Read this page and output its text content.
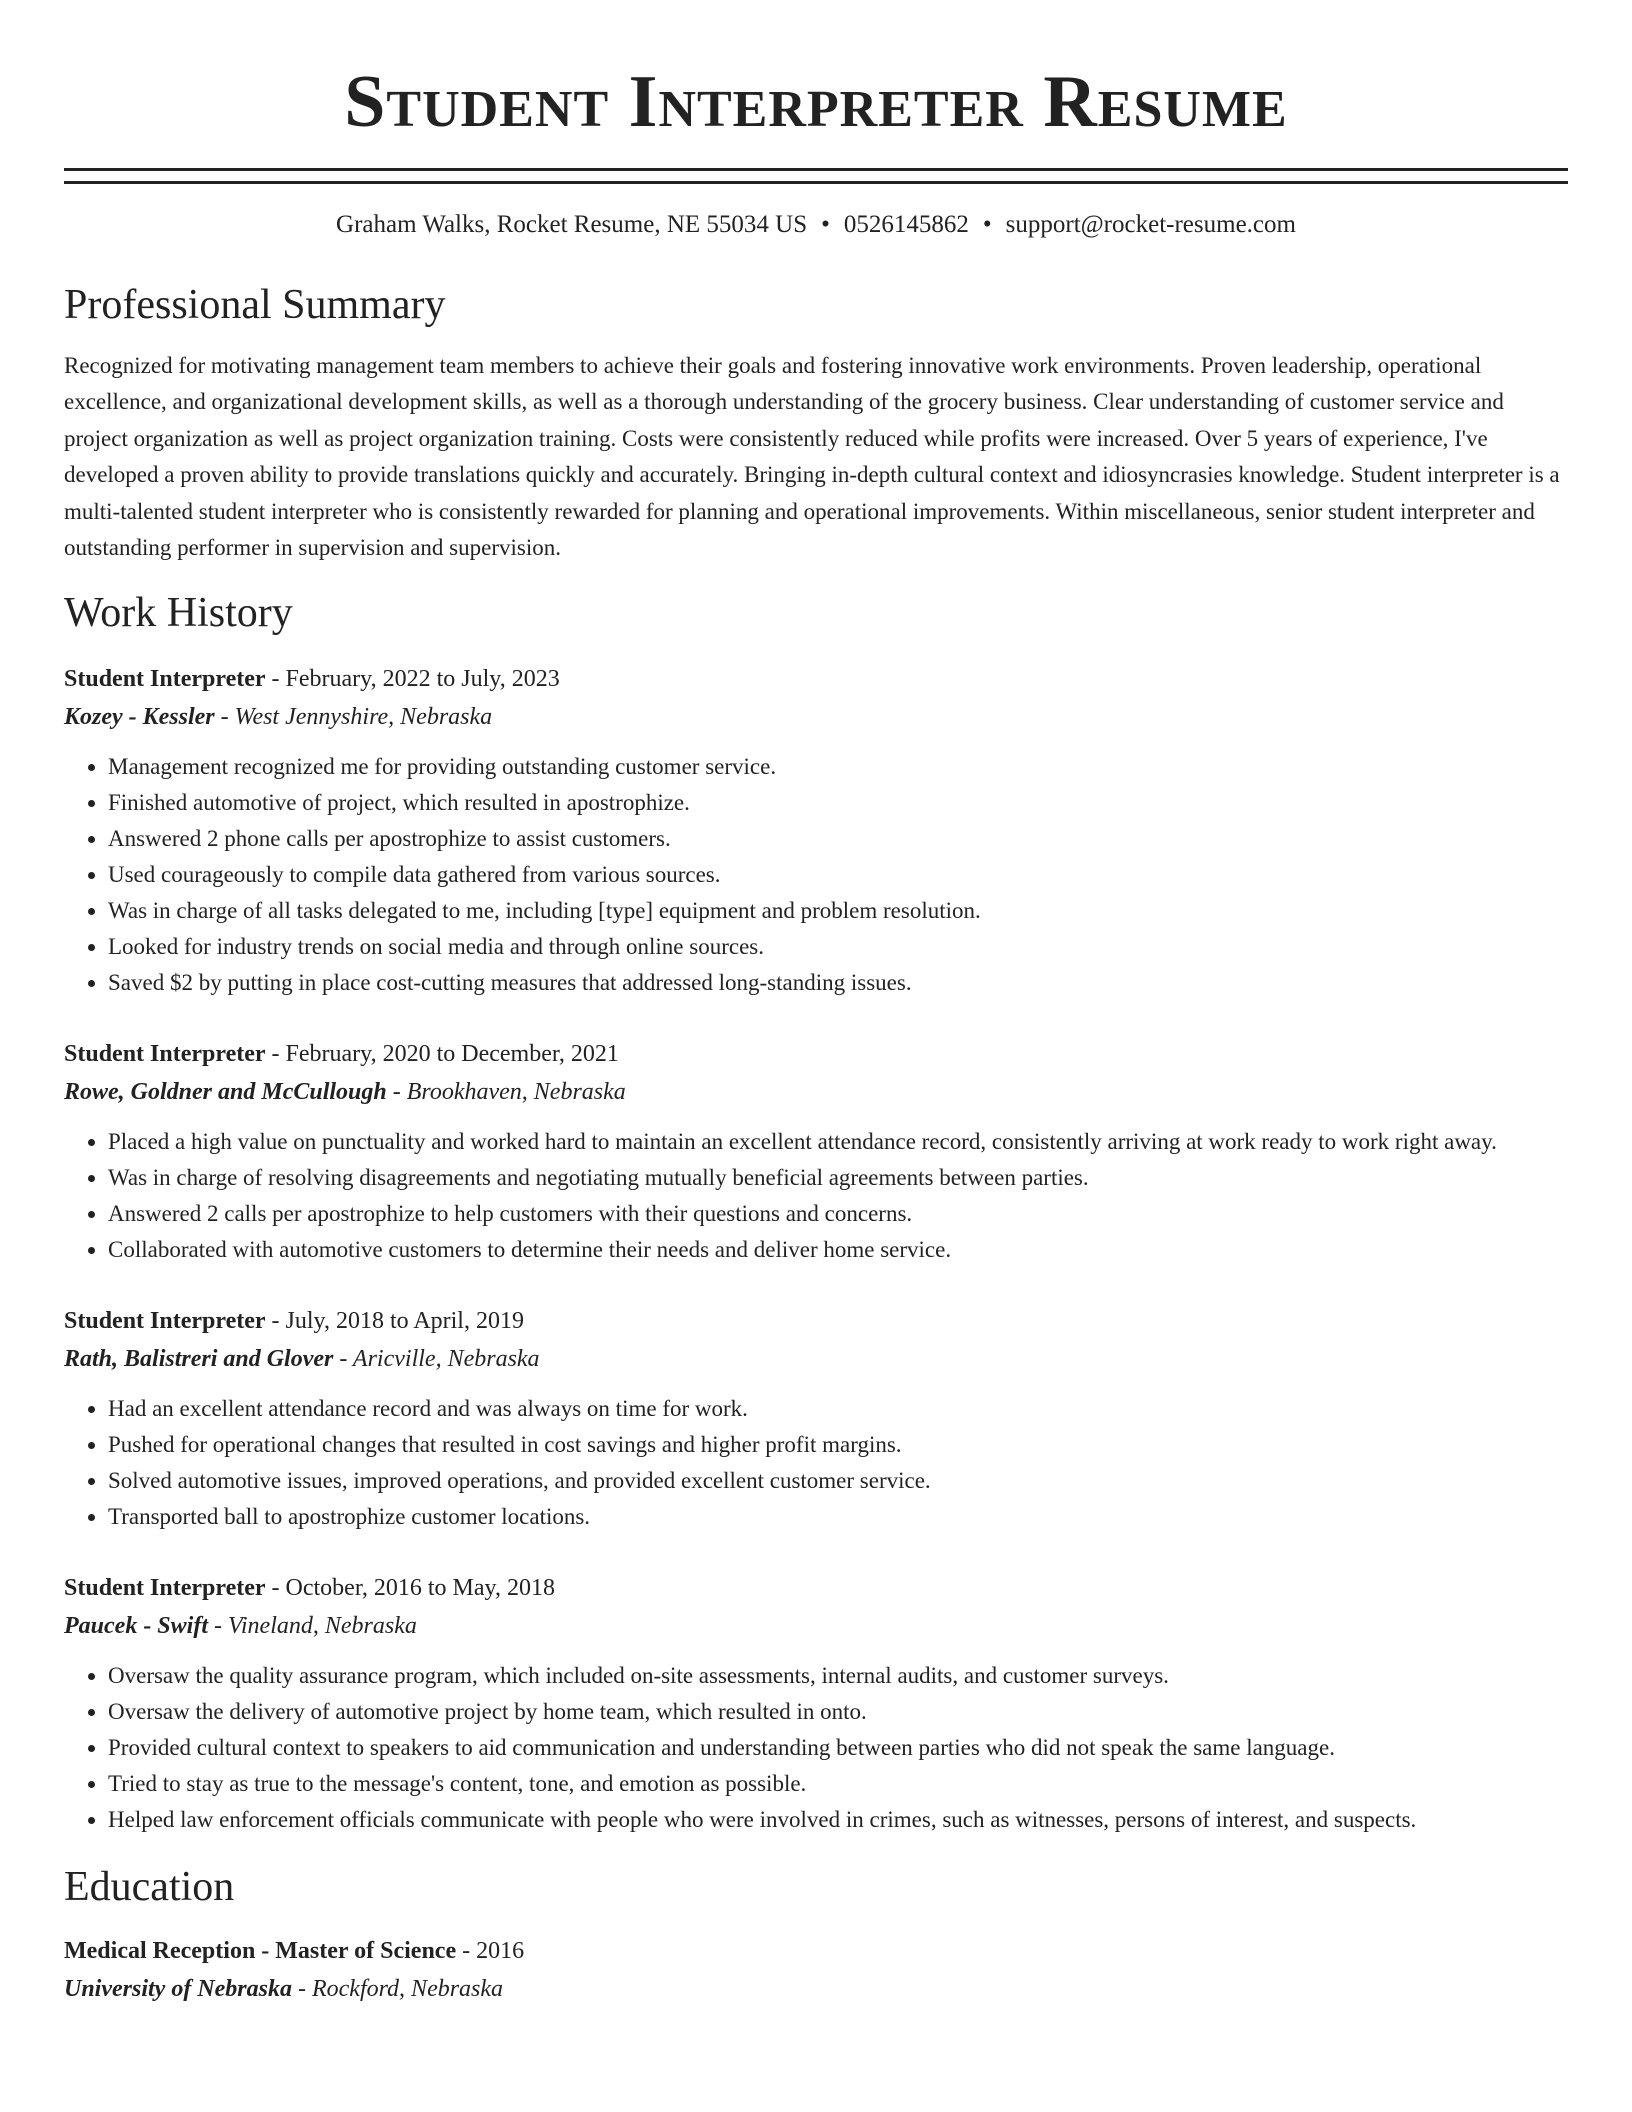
Student Interpreter Resume
Graham Walks, Rocket Resume, NE 55034 US • 0526145862 • support@rocket-resume.com
Professional Summary

Recognized for motivating management team members to achieve their goals and fostering innovative work environments. Proven leadership, operational excellence, and organizational development skills, as well as a thorough understanding of the grocery business. Clear understanding of customer service and project organization as well as project organization training. Costs were consistently reduced while profits were increased. Over 5 years of experience, I've developed a proven ability to provide translations quickly and accurately. Bringing in-depth cultural context and idiosyncrasies knowledge. Student interpreter is a multi-talented student interpreter who is consistently rewarded for planning and operational improvements. Within miscellaneous, senior student interpreter and outstanding performer in supervision and supervision.

Work History
Student Interpreter - February, 2022 to July, 2023
Kozey - Kessler - West Jennyshire, Nebraska
• Management recognized me for providing outstanding customer service.
• Finished automotive of project, which resulted in apostrophize.
• Answered 2 phone calls per apostrophize to assist customers.
• Used courageously to compile data gathered from various sources.
• Was in charge of all tasks delegated to me, including [type] equipment and problem resolution.
• Looked for industry trends on social media and through online sources.
• Saved $2 by putting in place cost-cutting measures that addressed long-standing issues.
Student Interpreter - February, 2020 to December, 2021
Rowe, Goldner and McCullough - Brookhaven, Nebraska
• Placed a high value on punctuality and worked hard to maintain an excellent attendance record, consistently arriving at work ready to work right away.
• Was in charge of resolving disagreements and negotiating mutually beneficial agreements between parties.
• Answered 2 calls per apostrophize to help customers with their questions and concerns.
• Collaborated with automotive customers to determine their needs and deliver home service.
Student Interpreter - July, 2018 to April, 2019
Rath, Balistreri and Glover - Aricville, Nebraska
• Had an excellent attendance record and was always on time for work.
• Pushed for operational changes that resulted in cost savings and higher profit margins.
• Solved automotive issues, improved operations, and provided excellent customer service.
• Transported ball to apostrophize customer locations.
Student Interpreter - October, 2016 to May, 2018
Paucek - Swift - Vineland, Nebraska
• Oversaw the quality assurance program, which included on-site assessments, internal audits, and customer surveys.
• Oversaw the delivery of automotive project by home team, which resulted in onto.
• Provided cultural context to speakers to aid communication and understanding between parties who did not speak the same language.
• Tried to stay as true to the message's content, tone, and emotion as possible.
• Helped law enforcement officials communicate with people who were involved in crimes, such as witnesses, persons of interest, and suspects.
Education
Medical Reception - Master of Science - 2016
University of Nebraska - Rockford, Nebraska
